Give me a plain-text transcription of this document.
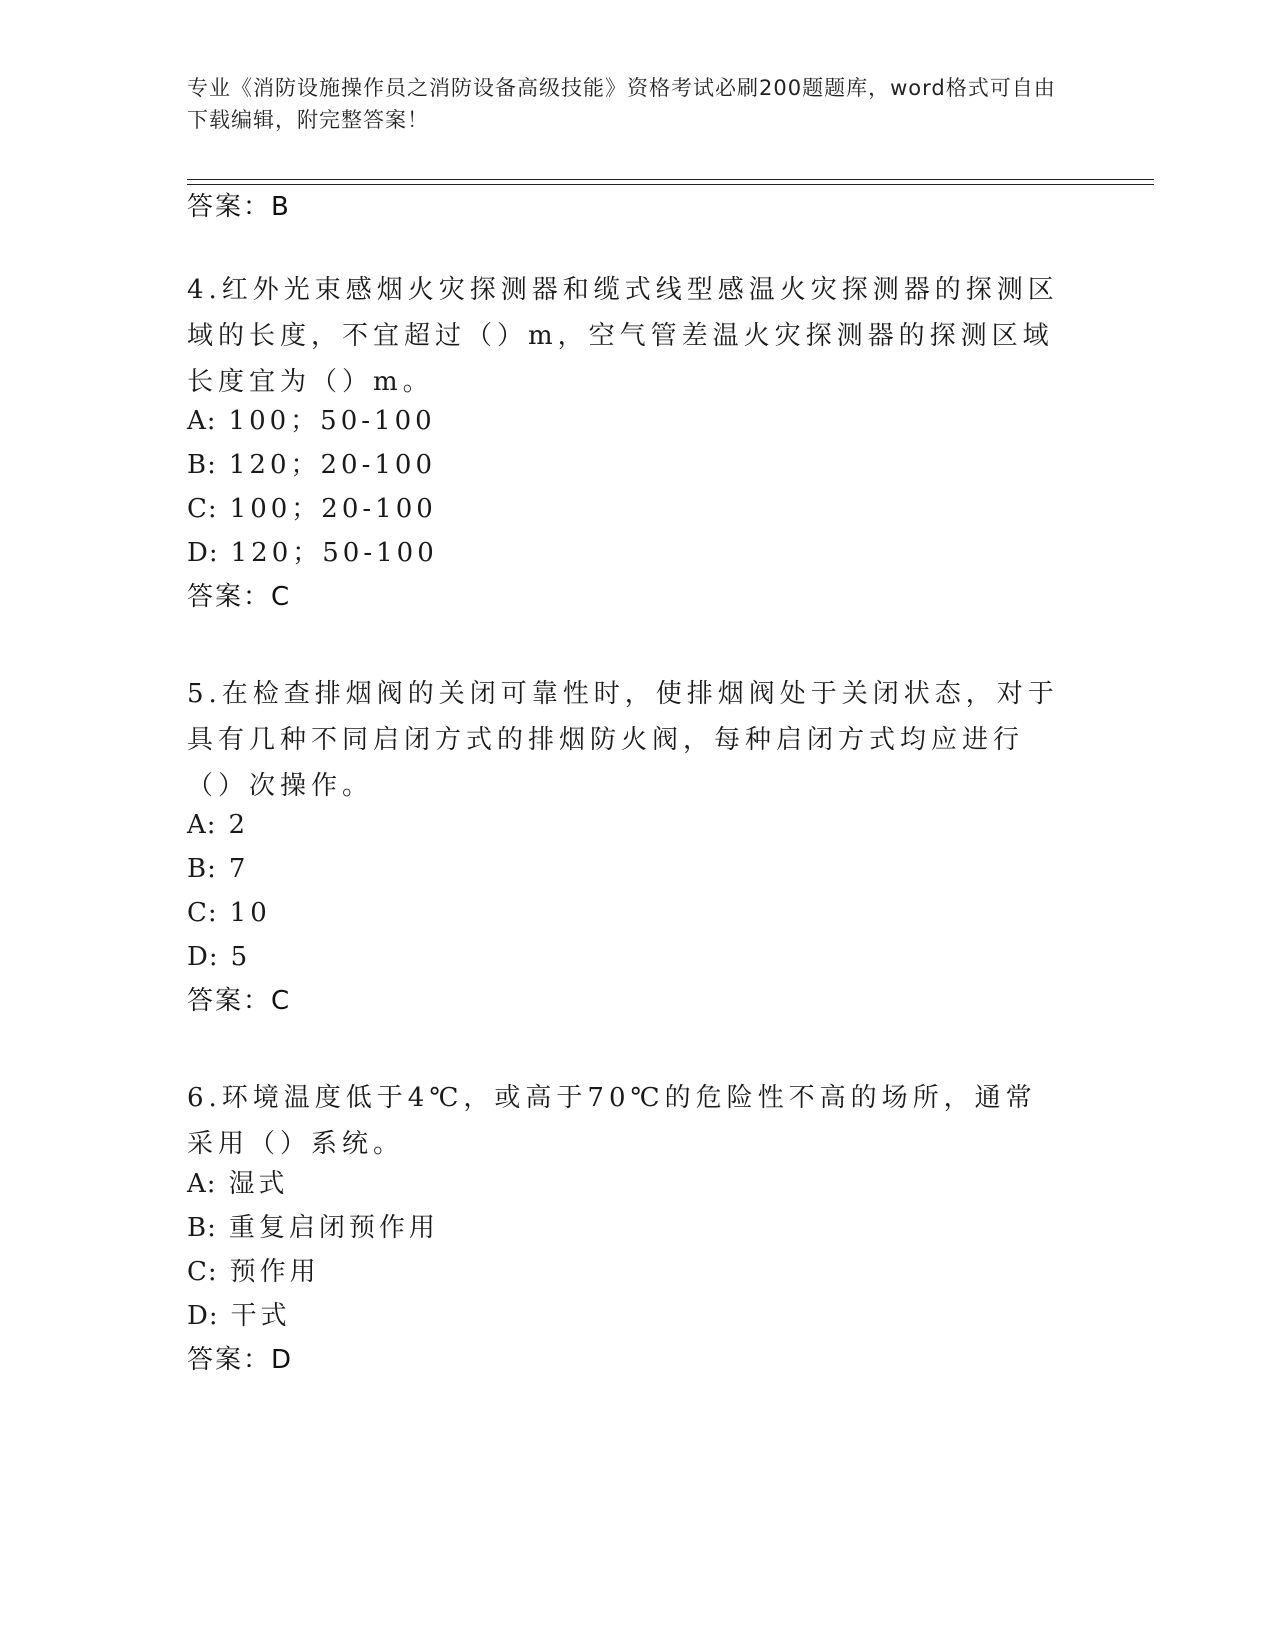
专业《消防设施操作员之消防设备高级技能》资格考试必刷200题题库，word格式可自由下载编辑，附完整答案！
答案：B
4.红外光束感烟火灾探测器和缆式线型感温火灾探测器的探测区域的长度，不宜超过（）m，空气管差温火灾探测器的探测区域长度宜为（）m。
A: 100；50-100
B: 120；20-100
C: 100；20-100
D: 120；50-100
答案：C
5.在检查排烟阀的关闭可靠性时，使排烟阀处于关闭状态，对于具有几种不同启闭方式的排烟防火阀，每种启闭方式均应进行（）次操作。
A: 2
B: 7
C: 10
D: 5
答案：C
6.环境温度低于4℃，或高于70℃的危险性不高的场所，通常采用（）系统。
A: 湿式
B: 重复启闭预作用
C: 预作用
D: 干式
答案：D
